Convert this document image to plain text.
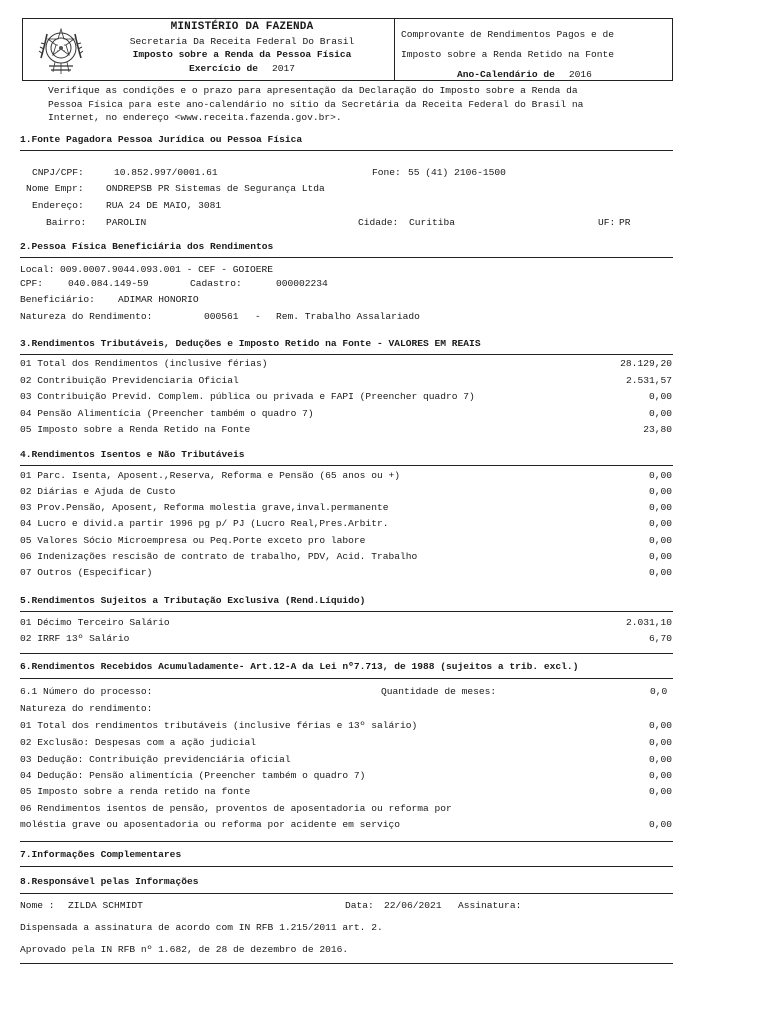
MINISTÉRIO DA FAZENDA
Secretaria Da Receita Federal Do Brasil
Imposto sobre a Renda da Pessoa Física
Exercício de 2017
Comprovante de Rendimentos Pagos e de
Imposto sobre a Renda Retido na Fonte
Ano-Calendário de 2016
Verifique as condições e o prazo para apresentação da Declaração do Imposto sobre a Renda da
Pessoa Física para este ano-calendário no sítio da Secretária da Receita Federal do Brasil na
Internet, no endereço <www.receita.fazenda.gov.br>.
1.Fonte Pagadora Pessoa Jurídica ou Pessoa Física
CNPJ/CPF:	10.852.997/0001.61	Fone: 55 (41) 2106-1500
Nome Empr: ONDREPSB PR Sistemas de Segurança Ltda
Endereço: RUA 24 DE MAIO, 3081
Bairro: PAROLIN	Cidade: Curitiba	UF: PR
2.Pessoa Física Beneficiária dos Rendimentos
Local: 009.0007.9044.093.001 - CEF - GOIOERE
CPF:	040.084.149-59	Cadastro:	000002234
Beneficiário: ADIMAR HONORIO
Natureza do Rendimento:	000561 - Rem. Trabalho Assalariado
3.Rendimentos Tributáveis, Deduções e Imposto Retido na Fonte - VALORES EM REAIS
01 Total dos Rendimentos (inclusive férias)	28.129,20
02 Contribuição Previdenciaria Oficial	2.531,57
03 Contribuição Previd. Complem. pública ou privada e FAPI (Preencher quadro 7)	0,00
04 Pensão Alimentícia (Preencher também o quadro 7)	0,00
05 Imposto sobre a Renda Retido na Fonte	23,80
4.Rendimentos Isentos e Não Tributáveis
01 Parc. Isenta, Aposent.,Reserva, Reforma e Pensão (65 anos ou +)	0,00
02 Diárias e Ajuda de Custo	0,00
03 Prov.Pensão, Aposent, Reforma molestia grave,inval.permanente	0,00
04 Lucro e divid.a partir 1996 pg p/ PJ (Lucro Real,Pres.Arbitr.	0,00
05 Valores Sócio Microempresa ou Peq.Porte exceto pro labore	0,00
06 Indenizações rescisão de contrato de trabalho, PDV, Acid. Trabalho	0,00
07 Outros (Especificar)	0,00
5.Rendimentos Sujeitos a Tributação Exclusiva (Rend.Líquido)
01 Décimo Terceiro Salário	2.031,10
02 IRRF 13º Salário	6,70
6.Rendimentos Recebidos Acumuladamente- Art.12-A da Lei nº7.713, de 1988 (sujeitos a trib. excl.)
6.1 Número do processo:	Quantidade de meses:	0,0
Natureza do rendimento:
01 Total dos rendimentos tributáveis (inclusive férias e 13º salário)	0,00
02 Exclusão: Despesas com a ação judicial	0,00
03 Dedução: Contribuição previdenciária oficial	0,00
04 Dedução: Pensão alimentícia (Preencher também o quadro 7)	0,00
05 Imposto sobre a renda retido na fonte	0,00
06 Rendimentos isentos de pensão, proventos de aposentadoria ou reforma por
moléstia grave ou aposentadoria ou reforma por acidente em serviço	0,00
7.Informações Complementares
8.Responsável pelas Informações
Nome : ZILDA SCHMIDT	Data: 22/06/2021 Assinatura:
Dispensada a assinatura de acordo com IN RFB 1.215/2011 art. 2.
Aprovado pela IN RFB nº 1.682, de 28 de dezembro de 2016.
